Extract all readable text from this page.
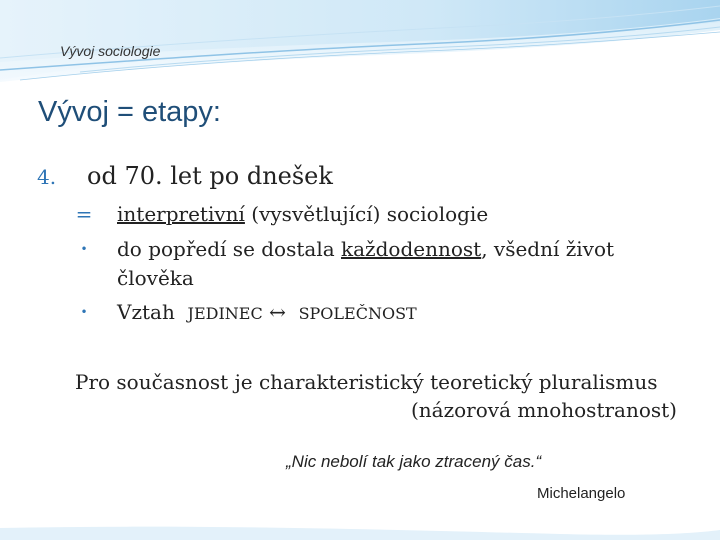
Vývoj sociologie
Vývoj = etapy:
4. od 70. let po dnešek
= interpretivní (vysvětlující) sociologie
•	do popředí se dostala každodennost, všední život
člověka
•	Vztah JEDINEC ↔ SPOLEČNOST
Pro současnost je charakteristický teoretický pluralismus
(názorová mnohostranost)
„Nic nebolí tak jako ztracený čas.“
Michelangelo
